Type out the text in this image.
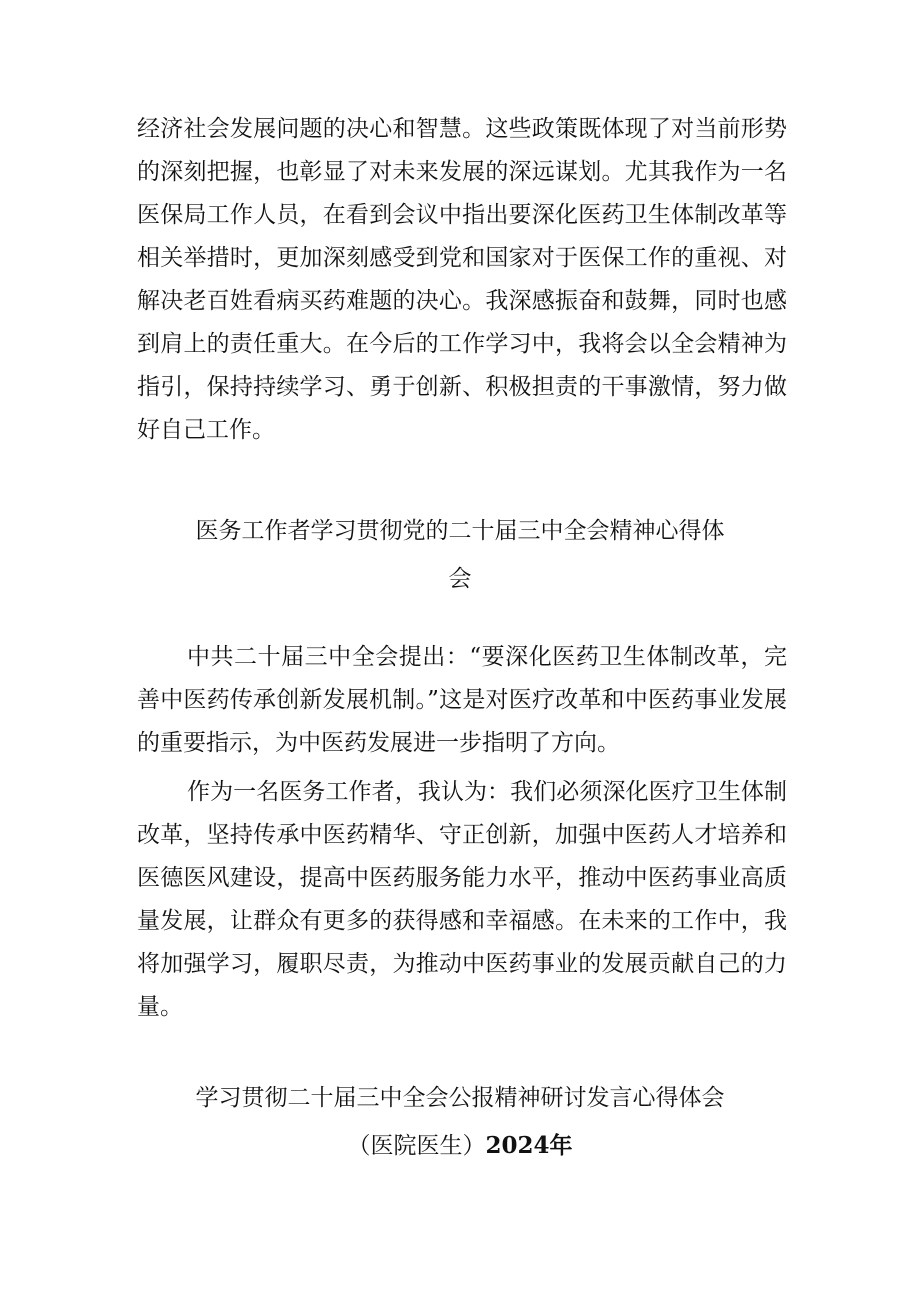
经济社会发展问题的决心和智慧。这些政策既体现了对当前形势的深刻把握，也彰显了对未来发展的深远谋划。尤其我作为一名医保局工作人员，在看到会议中指出要深化医药卫生体制改革等相关举措时，更加深刻感受到党和国家对于医保工作的重视、对解决老百姓看病买药难题的决心。我深感振奋和鼓舞，同时也感到肩上的责任重大。在今后的工作学习中，我将会以全会精神为指引，保持持续学习、勇于创新、积极担责的干事激情，努力做好自己工作。

医务工作者学习贯彻党的二十届三中全会精神心得体
会

中共二十届三中全会提出：“要深化医药卫生体制改革，完善中医药传承创新发展机制。”这是对医疗改革和中医药事业发展的重要指示，为中医药发展进一步指明了方向。

作为一名医务工作者，我认为：我们必须深化医疗卫生体制改革，坚持传承中医药精华、守正创新，加强中医药人才培养和医德医风建设，提高中医药服务能力水平，推动中医药事业高质量发展，让群众有更多的获得感和幸福感。在未来的工作中，我将加强学习，履职尽责，为推动中医药事业的发展贡献自己的力量。

学习贯彻二十届三中全会公报精神研讨发言心得体会
（医院医生）2024年
